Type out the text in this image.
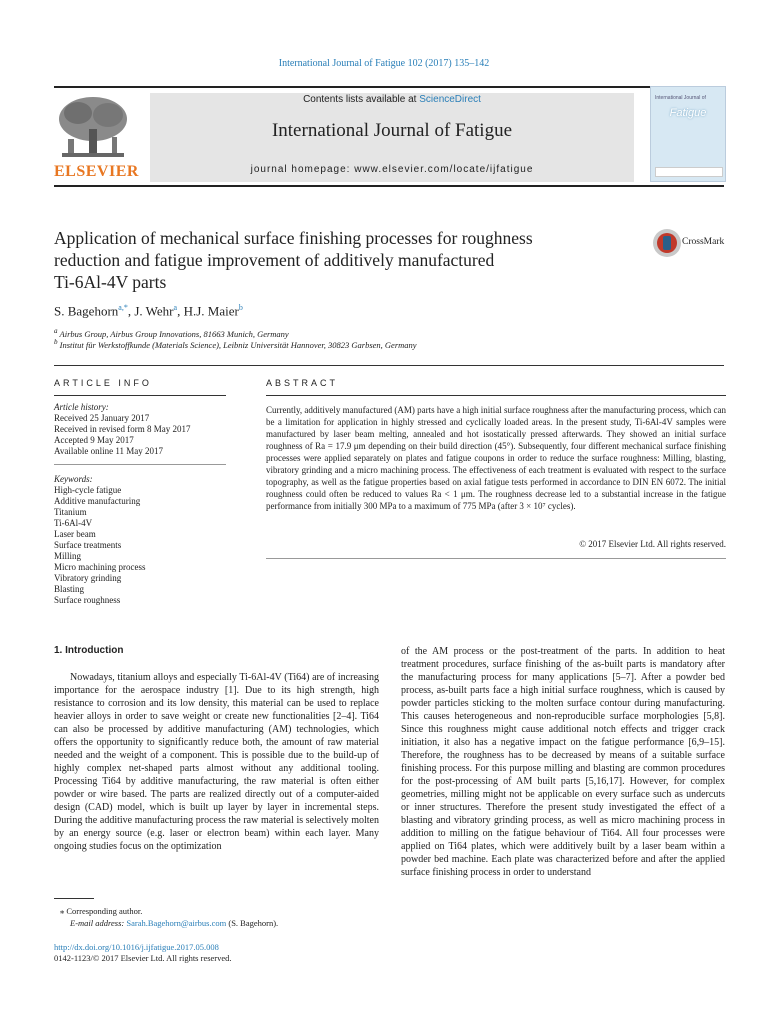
International Journal of Fatigue 102 (2017) 135–142
ELSEVIER
Contents lists available at ScienceDirect
International Journal of Fatigue
journal homepage: www.elsevier.com/locate/ijfatigue
International Journal of
Fatigue
Application of mechanical surface finishing processes for roughness
reduction and fatigue improvement of additively manufactured
Ti-6Al-4V parts
CrossMark
S. Bagehorn$^{a,*}$, J. Wehr$^a$, H.J. Maier$^b$
$^a$ Airbus Group, Airbus Group Innovations, 81663 Munich, Germany
$^b$ Institut für Werkstoffkunde (Materials Science), Leibniz Universität Hannover, 30823 Garbsen, Germany
ARTICLE INFO
Article history:
Received 25 January 2017
Received in revised form 8 May 2017
Accepted 9 May 2017
Available online 11 May 2017
Keywords:
High-cycle fatigue
Additive manufacturing
Titanium
Ti-6Al-4V
Laser beam
Surface treatments
Milling
Micro machining process
Vibratory grinding
Blasting
Surface roughness
ABSTRACT
Currently, additively manufactured (AM) parts have a high initial surface roughness after the manufacturing process, which can be a limitation for application in highly stressed and cyclically loaded areas. In the present study, Ti-6Al-4V samples were manufactured by laser beam melting, annealed and hot isostatically pressed afterwards. They showed an initial surface roughness of Ra = 17.9 μm depending on their build direction (45°). Subsequently, four different mechanical surface finishing processes were applied separately on plates and fatigue coupons in order to reduce the surface roughness: Milling, blasting, vibratory grinding and a micro machining process. The effectiveness of each treatment is evaluated with respect to the surface topography, as well as the fatigue properties based on axial fatigue tests performed in accordance to DIN EN 6072. The initial roughness could often be reduced to values Ra < 1 μm. The roughness decrease led to a substantial increase in the fatigue performance from initially 300 MPa to a maximum of 775 MPa (after 3 × 10⁷ cycles).
© 2017 Elsevier Ltd. All rights reserved.
1. Introduction

Nowadays, titanium alloys and especially Ti-6Al-4V (Ti64) are of increasing importance for the aerospace industry [1]. Due to its high strength, high resistance to corrosion and its low density, this material can be used to replace heavier alloys in order to save weight or create new functionalities [2–4]. Ti64 can also be processed by additive manufacturing (AM) technologies, which offers the opportunity to significantly reduce both, the amount of raw material needed and the weight of a component. This is possible due to the build-up of highly complex net-shaped parts almost without any additional tooling. Processing Ti64 by additive manufacturing, the raw material is often either powder or wire based. The parts are realized directly out of a computer-aided design (CAD) model, which is built up layer by layer in incremental steps. During the additive manufacturing process the raw material is selectively molten by an energy source (e.g. laser or electron beam) within each layer. Many ongoing studies focus on the optimization

of the AM process or the post-treatment of the parts. In addition to heat treatment procedures, surface finishing of the as-built parts is mandatory after the manufacturing process for many applications [5–7]. After a powder bed process, as-built parts face a high initial surface roughness, which is caused by powder particles sticking to the molten surface contour during manufacturing. This causes heterogeneous and non-reproducible surface morphologies [5,8]. Since this roughness might cause additional notch effects and trigger crack initiation, it also has a negative impact on the fatigue performance [6,9–15]. Therefore, the roughness has to be decreased by means of a suitable surface finishing process. For this purpose milling and blasting are common procedures for the post-processing of AM built parts [5,16,17]. However, for complex geometries, milling might not be applicable on every surface such as undercuts or inner structures. Therefore the present study investigated the effect of a blasting and vibratory grinding process, as well as micro machining process in addition to milling on the fatigue behaviour of Ti64. All four processes were applied on Ti64 plates, which were additively built by a laser beam within a powder bed machine. Each plate was characterized before and after the applied surface finishing process in order to understand

⁎ Corresponding author.
E-mail address: Sarah.Bagehorn@airbus.com (S. Bagehorn).
http://dx.doi.org/10.1016/j.ijfatigue.2017.05.008
0142-1123/© 2017 Elsevier Ltd. All rights reserved.
